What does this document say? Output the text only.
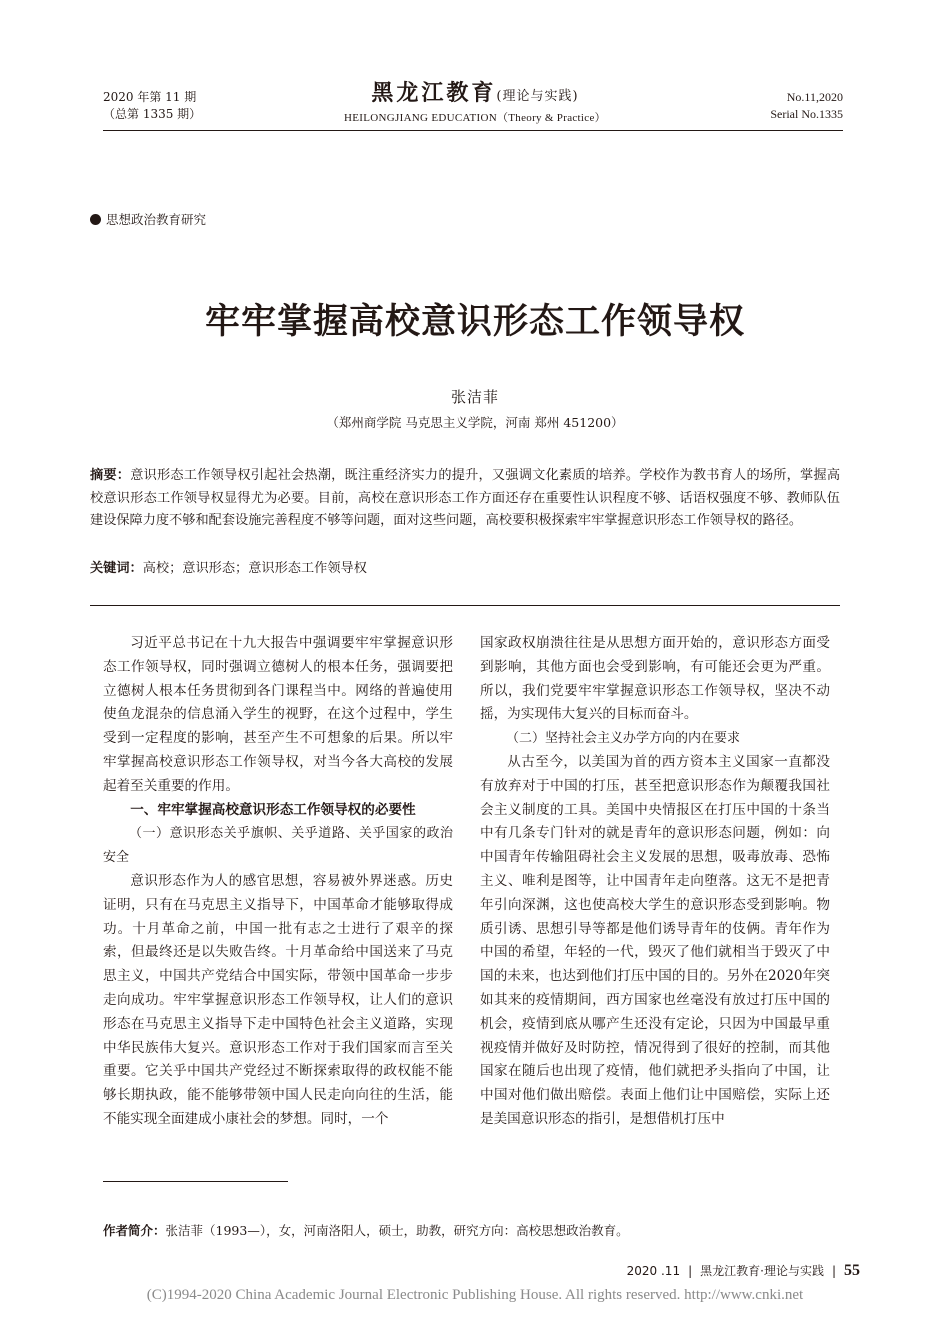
2020 年第 11 期
（总第 1335 期）
黑龙江教育(理论与实践)
HEILONGJIANG EDUCATION（Theory & Practice）
No.11,2020
Serial No.1335
思想政治教育研究
牢牢掌握高校意识形态工作领导权
张洁菲
（郑州商学院 马克思主义学院，河南 郑州 451200）
摘要：意识形态工作领导权引起社会热潮，既注重经济实力的提升，又强调文化素质的培养。学校作为教书育人的场所，掌握高校意识形态工作领导权显得尤为必要。目前，高校在意识形态工作方面还存在重要性认识程度不够、话语权强度不够、教师队伍建设保障力度不够和配套设施完善程度不够等问题，面对这些问题，高校要积极探索牢牢掌握意识形态工作领导权的路径。
关键词：高校；意识形态；意识形态工作领导权

习近平总书记在十九大报告中强调要牢牢掌握意识形态工作领导权，同时强调立德树人的根本任务，强调要把立德树人根本任务贯彻到各门课程当中。网络的普遍使用使鱼龙混杂的信息涌入学生的视野，在这个过程中，学生受到一定程度的影响，甚至产生不可想象的后果。所以牢牢掌握高校意识形态工作领导权，对当今各大高校的发展起着至关重要的作用。

一、牢牢掌握高校意识形态工作领导权的必要性

（一）意识形态关乎旗帜、关乎道路、关乎国家的政治安全

意识形态作为人的感官思想，容易被外界迷惑。历史证明，只有在马克思主义指导下，中国革命才能够取得成功。十月革命之前，中国一批有志之士进行了艰辛的探索，但最终还是以失败告终。十月革命给中国送来了马克思主义，中国共产党结合中国实际，带领中国革命一步步走向成功。牢牢掌握意识形态工作领导权，让人们的意识形态在马克思主义指导下走中国特色社会主义道路，实现中华民族伟大复兴。意识形态工作对于我们国家而言至关重要。它关乎中国共产党经过不断探索取得的政权能不能够长期执政，能不能够带领中国人民走向向往的生活，能不能实现全面建成小康社会的梦想。同时，一个

国家政权崩溃往往是从思想方面开始的，意识形态方面受到影响，其他方面也会受到影响，有可能还会更为严重。所以，我们党要牢牢掌握意识形态工作领导权，坚决不动摇，为实现伟大复兴的目标而奋斗。

（二）坚持社会主义办学方向的内在要求

从古至今，以美国为首的西方资本主义国家一直都没有放弃对于中国的打压，甚至把意识形态作为颠覆我国社会主义制度的工具。美国中央情报区在打压中国的十条当中有几条专门针对的就是青年的意识形态问题，例如：向中国青年传输阻碍社会主义发展的思想，吸毒放毒、恐怖主义、唯利是图等，让中国青年走向堕落。这无不是把青年引向深渊，这也使高校大学生的意识形态受到影响。物质引诱、思想引导等都是他们诱导青年的伎俩。青年作为中国的希望，年轻的一代，毁灭了他们就相当于毁灭了中国的未来，也达到他们打压中国的目的。另外在2020年突如其来的疫情期间，西方国家也丝毫没有放过打压中国的机会，疫情到底从哪产生还没有定论，只因为中国最早重视疫情并做好及时防控，情况得到了很好的控制，而其他国家在随后也出现了疫情，他们就把矛头指向了中国，让中国对他们做出赔偿。表面上他们让中国赔偿，实际上还是美国意识形态的指引，是想借机打压中

作者简介：张洁菲（1993—），女，河南洛阳人，硕士，助教，研究方向：高校思想政治教育。
2020 .11 | 黑龙江教育·理论与实践 | 55
(C)1994-2020 China Academic Journal Electronic Publishing House. All rights reserved. http://www.cnki.net
